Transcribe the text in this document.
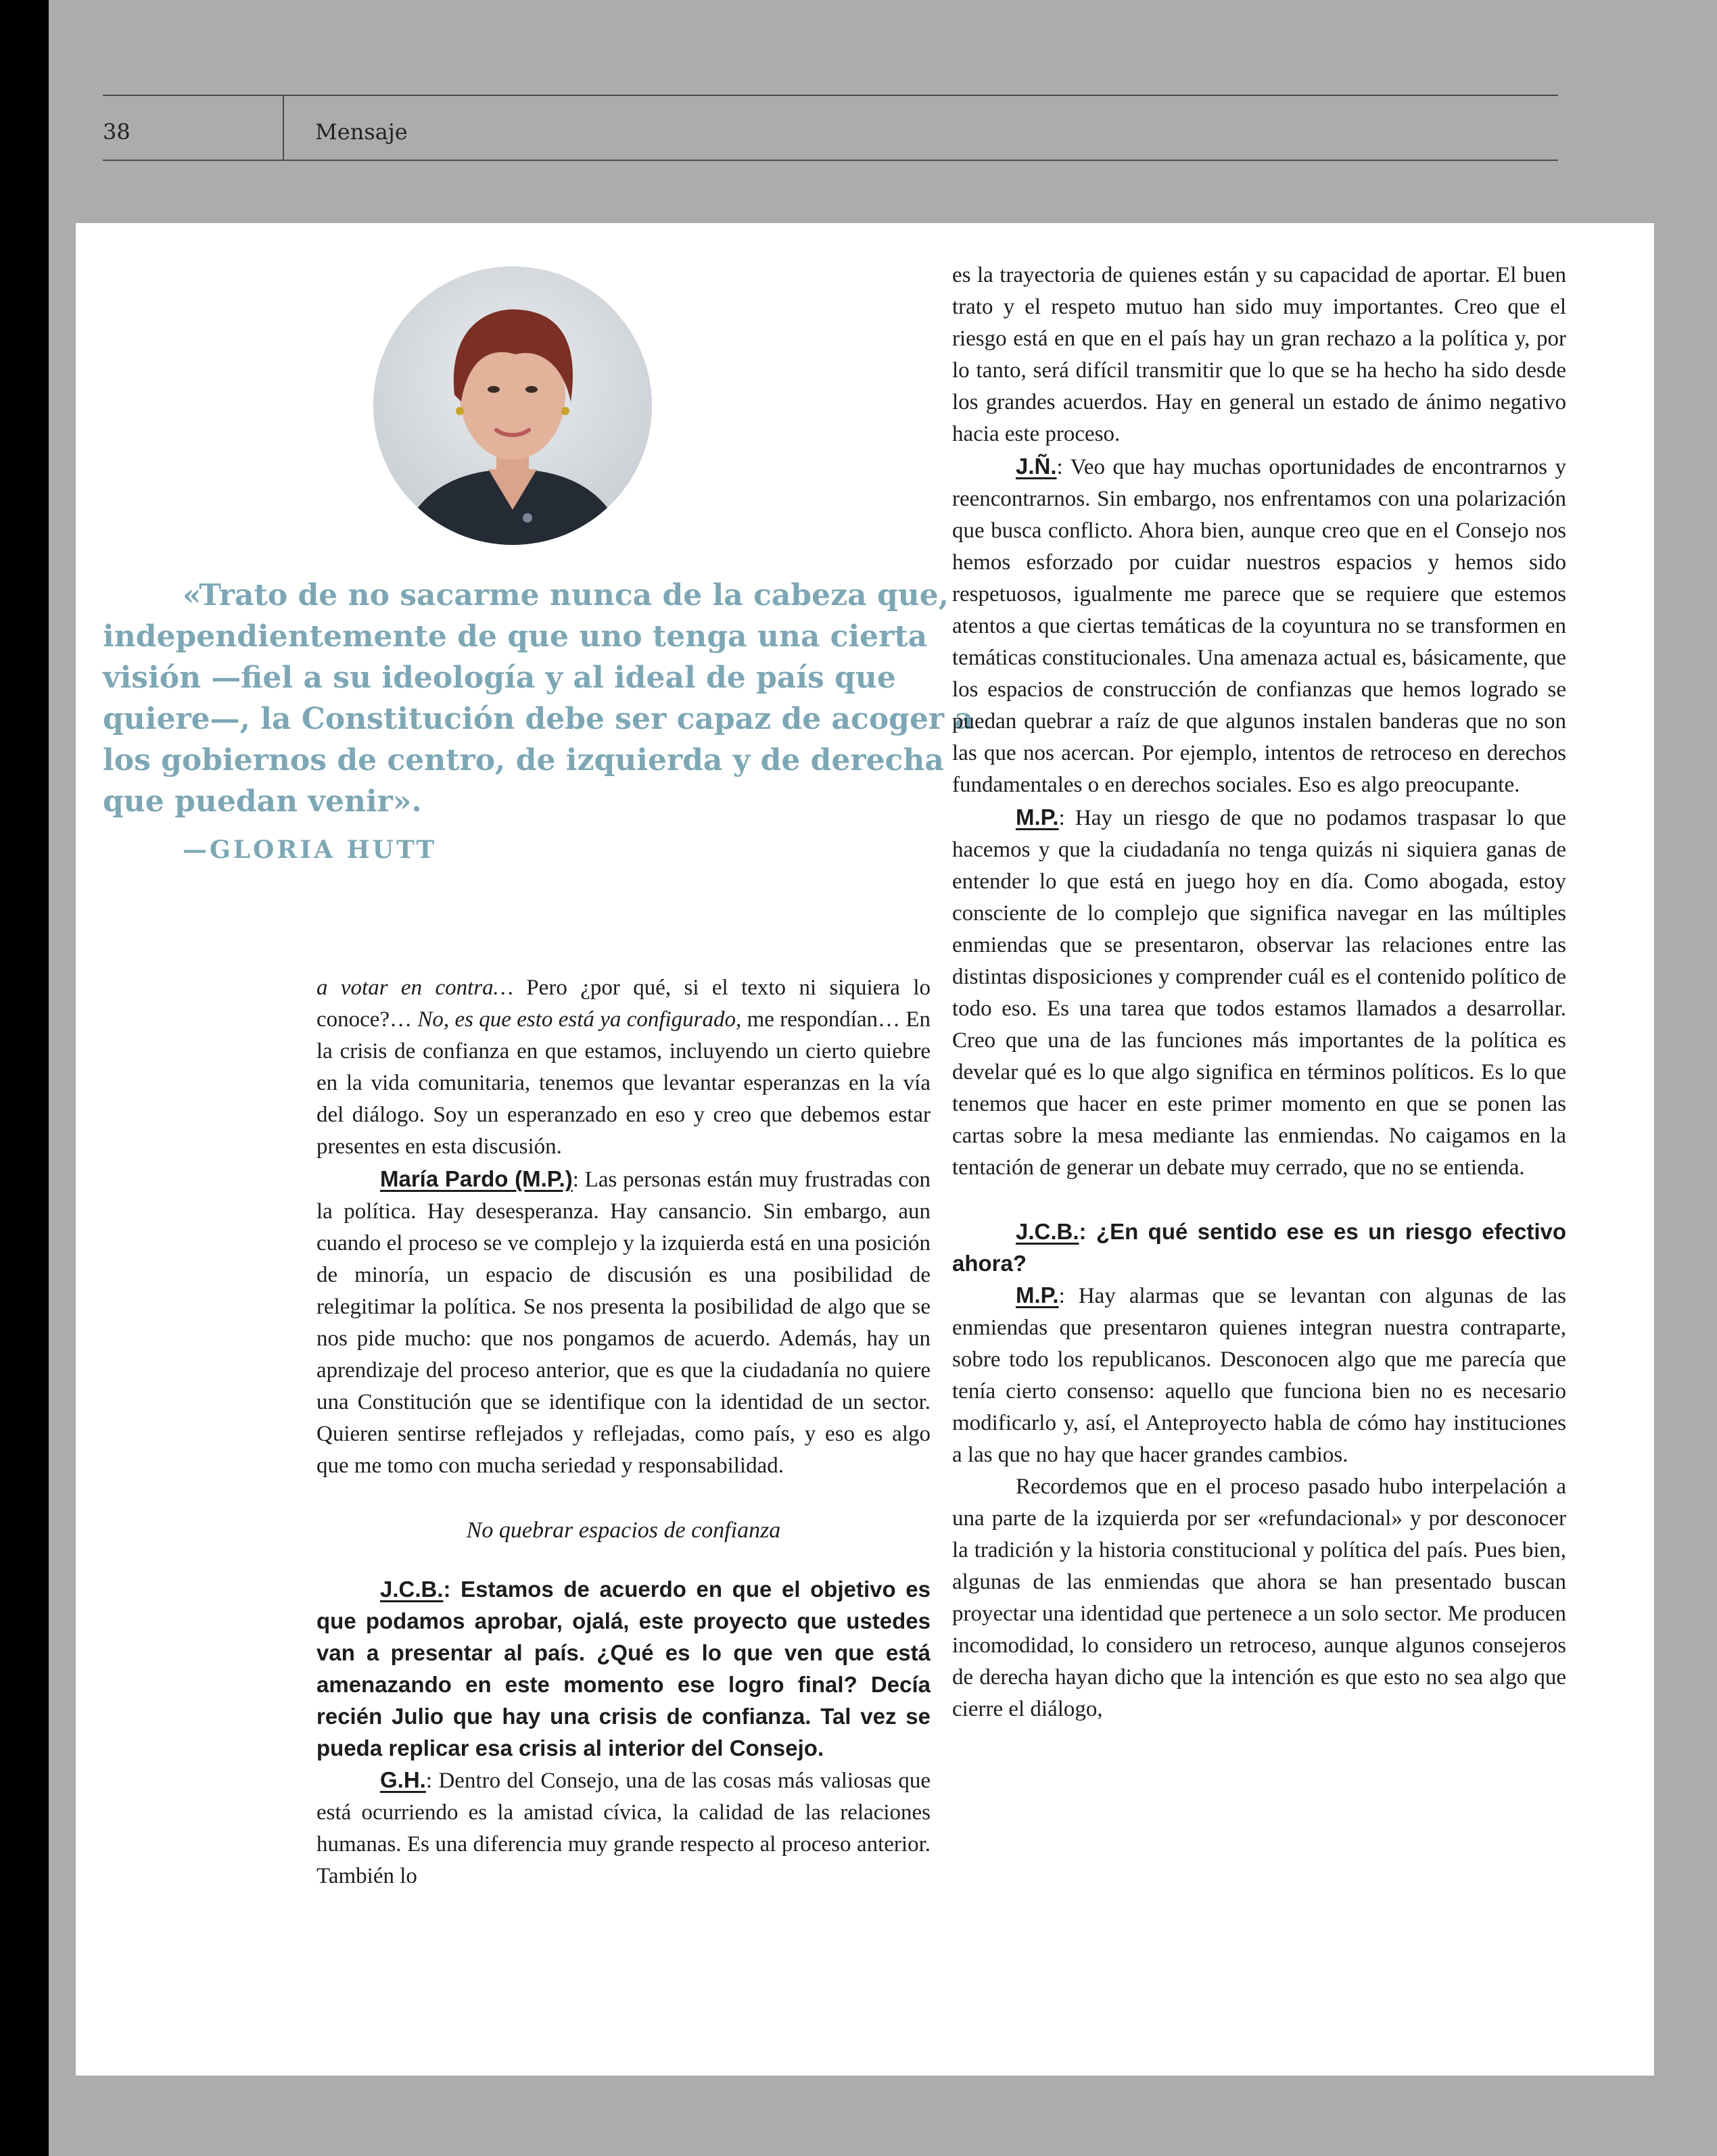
38	Mensaje

«Trato de no sacarme nunca de la cabeza que, independientemente de que uno tenga una cierta visión —fiel a su ideología y al ideal de país que quiere—, la Constitución debe ser capaz de acoger a los gobiernos de centro, de izquierda y de derecha que puedan venir».

—GLORIA HUTT

a votar en contra… Pero ¿por qué, si el texto ni siquiera lo conoce?… No, es que esto está ya configurado, me respondían… En la crisis de confianza en que estamos, incluyendo un cierto quiebre en la vida comunitaria, tenemos que levantar esperanzas en la vía del diálogo. Soy un esperanzado en eso y creo que debemos estar presentes en esta discusión.

María Pardo (M.P.): Las personas están muy frustradas con la política. Hay desesperanza. Hay cansancio. Sin embargo, aun cuando el proceso se ve complejo y la izquierda está en una posición de minoría, un espacio de discusión es una posibilidad de relegitimar la política. Se nos presenta la posibilidad de algo que se nos pide mucho: que nos pongamos de acuerdo. Además, hay un aprendizaje del proceso anterior, que es que la ciudadanía no quiere una Constitución que se identifique con la identidad de un sector. Quieren sentirse reflejados y reflejadas, como país, y eso es algo que me tomo con mucha seriedad y responsabilidad.

No quebrar espacios de confianza

J.C.B.: Estamos de acuerdo en que el objetivo es que podamos aprobar, ojalá, este proyecto que ustedes van a presentar al país. ¿Qué es lo que ven que está amenazando en este momento ese logro final? Decía recién Julio que hay una crisis de confianza. Tal vez se pueda replicar esa crisis al interior del Consejo.

G.H.: Dentro del Consejo, una de las cosas más valiosas que está ocurriendo es la amistad cívica, la calidad de las relaciones humanas. Es una diferencia muy grande respecto al proceso anterior. También lo

es la trayectoria de quienes están y su capacidad de aportar. El buen trato y el respeto mutuo han sido muy importantes. Creo que el riesgo está en que en el país hay un gran rechazo a la política y, por lo tanto, será difícil transmitir que lo que se ha hecho ha sido desde los grandes acuerdos. Hay en general un estado de ánimo negativo hacia este proceso.

J.Ñ.: Veo que hay muchas oportunidades de encontrarnos y reencontrarnos. Sin embargo, nos enfrentamos con una polarización que busca conflicto. Ahora bien, aunque creo que en el Consejo nos hemos esforzado por cuidar nuestros espacios y hemos sido respetuosos, igualmente me parece que se requiere que estemos atentos a que ciertas temáticas de la coyuntura no se transformen en temáticas constitucionales. Una amenaza actual es, básicamente, que los espacios de construcción de confianzas que hemos logrado se puedan quebrar a raíz de que algunos instalen banderas que no son las que nos acercan. Por ejemplo, intentos de retroceso en derechos fundamentales o en derechos sociales. Eso es algo preocupante.

M.P.: Hay un riesgo de que no podamos traspasar lo que hacemos y que la ciudadanía no tenga quizás ni siquiera ganas de entender lo que está en juego hoy en día. Como abogada, estoy consciente de lo complejo que significa navegar en las múltiples enmiendas que se presentaron, observar las relaciones entre las distintas disposiciones y comprender cuál es el contenido político de todo eso. Es una tarea que todos estamos llamados a desarrollar. Creo que una de las funciones más importantes de la política es develar qué es lo que algo significa en términos políticos. Es lo que tenemos que hacer en este primer momento en que se ponen las cartas sobre la mesa mediante las enmiendas. No caigamos en la tentación de generar un debate muy cerrado, que no se entienda.

J.C.B.: ¿En qué sentido ese es un riesgo efectivo ahora?

M.P.: Hay alarmas que se levantan con algunas de las enmiendas que presentaron quienes integran nuestra contraparte, sobre todo los republicanos. Desconocen algo que me parecía que tenía cierto consenso: aquello que funciona bien no es necesario modificarlo y, así, el Anteproyecto habla de cómo hay instituciones a las que no hay que hacer grandes cambios.

Recordemos que en el proceso pasado hubo interpelación a una parte de la izquierda por ser «refundacional» y por desconocer la tradición y la historia constitucional y política del país. Pues bien, algunas de las enmiendas que ahora se han presentado buscan proyectar una identidad que pertenece a un solo sector. Me producen incomodidad, lo considero un retroceso, aunque algunos consejeros de derecha hayan dicho que la intención es que esto no sea algo que cierre el diálogo,
